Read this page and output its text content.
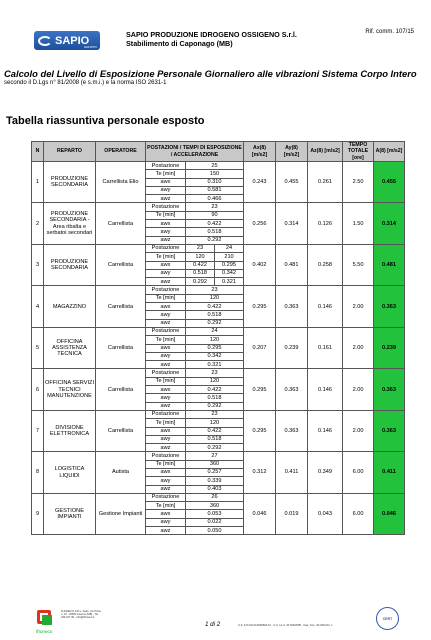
SAPIO
GRUPPO
SAPIO PRODUZIONE IDROGENO OSSIGENO S.r.l.
Stabilimento di Caponago (MB)
Rif. comm. 107/15
Calcolo del Livello di Esposizione Personale Giornaliero alle vibrazioni Sistema Corpo Intero
secondo il D.Lgs n° 81/2008 (e s.m.i.) e la norma ISO 2631-1
Tabella riassuntiva personale esposto
N	REPARTO	OPERATORE	POSTAZIONI / TEMPI DI ESPOSIZIONE / ACCELERAZIONE			Ax(8) [m/s2]	Ay(8) [m/s2]	Az(8) [m/s2]	TEMPO TOTALE [ore]	A(8) [m/s2]
1	PRODUZIONE SECONDARIA	Carrellista Elio	Postazione	25		0.243	0.455	0.261	2.50	0.455
			Te [min]	150						
			awx	0.310						
			awy	0.581						
			awz	0.466						
2	PRODUZIONE SECONDARIA - Area ribalta e serbatoi secondari	Carrellista	Postazione	23		0.256	0.314	0.126	1.50	0.314
			Te [min]	90						
			awx	0.422						
			awy	0.518						
			awz	0.292						
3	PRODUZIONE SECONDARIA	Carrellista	Postazione	23	24	0.402	0.481	0.258	5.50	0.481
			Te [min]	120	210					
			awx	0.422	0.295					
			awy	0.518	0.342					
			awz	0.292	0.321					
4	MAGAZZINO	Carrellista	Postazione	23		0.295	0.363	0.146	2.00	0.363
			Te [min]	120						
			awx	0.422						
			awy	0.518						
			awz	0.292						
5	OFFICINA ASSISTENZA TECNICA	Carrellista	Postazione	24		0.207	0.239	0.161	2.00	0.239
			Te [min]	120						
			awx	0.295						
			awy	0.342						
			awz	0.321						
6	OFFICINA SERVIZI TECNICI MANUTENZIONE	Carrellista	Postazione	23		0.295	0.363	0.146	2.00	0.363
			Te [min]	120						
			awx	0.422						
			awy	0.518						
			awz	0.292						
7	DIVISIONE ELETTRONICA	Carrellista	Postazione	23		0.295	0.363	0.146	2.00	0.363
			Te [min]	120						
			awx	0.422						
			awy	0.518						
			awz	0.292						
8	LOGISTICA LIQUIDI	Autista	Postazione	27		0.312	0.411	0.349	6.00	0.411
			Te [min]	360						
			awx	0.257						
			awy	0.339						
			awz	0.403						
9	GESTIONE IMPIANTI	Gestione Impianti	Postazione	26		0.046	0.019	0.043	6.00	0.046
			Te [min]	360						
			awx	0.053						
			awy	0.022						
			awz	0.050						
fhoneco
FHONECO S.R.L. Sede: via Ticino n. 16 - 20842 Lissone (MB) - Tel. 039 247 39 - info@fhoneco.it
1 di 2	C.F. & P.IVA 01939250172 - C.C.I.A.A. 317029/MB - Cap. Soc. 30.000,00 i.v.
CERT
